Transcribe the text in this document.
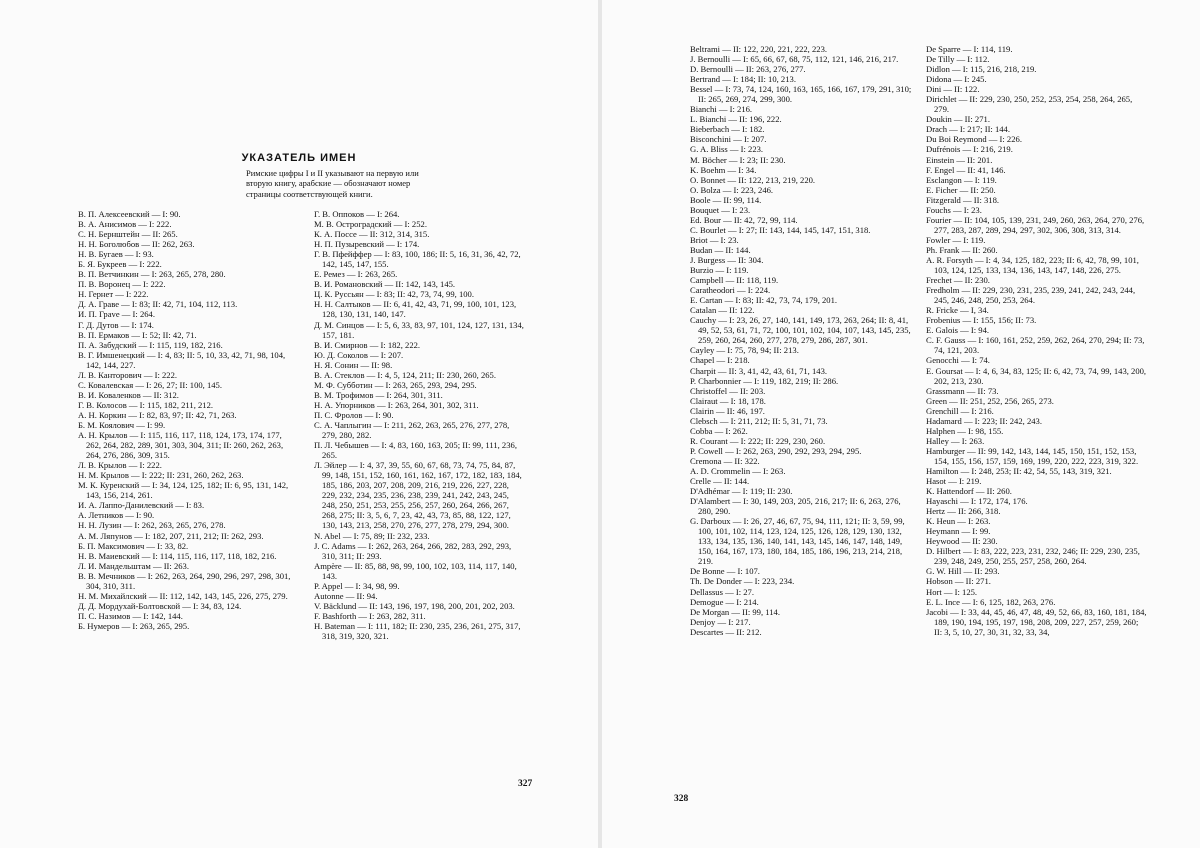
УКАЗАТЕЛЬ ИМЕН
Римские цифры I и II указывают на первую или вторую книгу, арабские — обозначают номер страницы соответствующей книги.
В. П. Алексеевский — I: 90.
В. А. Анисимов — I: 222.
С. Н. Бернштейн — II: 265.
Н. Н. Боголюбов — II: 262, 263.
Н. В. Бугаев — I: 93.
Б. Я. Букреев — I: 222.
В. П. Ветчинкин — I: 263, 265, 278, 280.
П. В. Воронец — I: 222.
Н. Гернет — I: 222.
Д. А. Граве — I: 83; II: 42, 71, 104, 112, 113.
И. П. Грave — I: 264.
Г. Д. Дутов — I: 174.
В. П. Ермаков — I: 52; II: 42, 71.
П. А. Забудский — I: 115, 119, 182, 216.
В. Г. Имшенецкий — I: 4, 83; II: 5, 10, 33, 42, 71, 98, 104, 142, 144, 227.
Л. В. Канторович — I: 222.
С. Ковалевская — I: 26, 27; II: 100, 145.
В. И. Коваленков — II: 312.
Г. В. Колосов — I: 115, 182, 211, 212.
А. Н. Коркин — I: 82, 83, 97; II: 42, 71, 263.
Б. М. Коялович — I: 99.
А. Н. Крылов — I: 115, 116, 117, 118, 124, 173, 174, 177, 262, 264, 282, 289, 301, 303, 304, 311; II: 260, 262, 263, 264, 276, 286, 309, 315.
Л. В. Крылов — I: 222.
Н. М. Крылов — I: 222; II: 231, 260, 262, 263.
М. К. Куренский — I: 34, 124, 125, 182; II: 6, 95, 131, 142, 143, 156, 214, 261.
И. А. Лаппо-Данилевский — I: 83.
А. Летников — I: 90.
Н. Н. Лузин — I: 262, 263, 265, 276, 278.
А. М. Ляпунов — I: 182, 207, 211, 212; II: 262, 293.
Б. П. Максимович — I: 33, 82.
Н. В. Маиевский — I: 114, 115, 116, 117, 118, 182, 216.
Л. И. Мандельштам — II: 263.
В. В. Мечников — I: 262, 263, 264, 290, 296, 297, 298, 301, 304, 310, 311.
Н. М. Михайлский — II: 112, 142, 143, 145, 226, 275, 279.
Д. Д. Мордухай-Болтовской — I: 34, 83, 124.
П. С. Назимов — I: 142, 144.
Б. Нумеров — I: 263, 265, 295.
Г. В. Оппоков — I: 264.
М. В. Остроградский — I: 252.
К. А. Поссе — II: 312, 314, 315.
Н. П. Пузыревский — I: 174.
Г. В. Пфейффер — I: 83, 100, 186; II: 5, 16, 31, 36, 42, 72, 142, 145, 147, 155.
Е. Ремез — I: 263, 265.
В. И. Романовский — II: 142, 143, 145.
Ц. К. Руссьян — I: 83; II: 42, 73, 74, 99, 100.
Н. Н. Салтыков — II: 6, 41, 42, 43, 71, 99, 100, 101, 123, 128, 130, 131, 140, 147.
Д. М. Синцов — I: 5, 6, 33, 83, 97, 101, 124, 127, 131, 134, 157, 181.
В. И. Смирнов — I: 182, 222.
Ю. Д. Соколов — I: 207.
Н. Я. Сонин — II: 98.
В. А. Стеклов — I: 4, 5, 124, 211; II: 230, 260, 265.
М. Ф. Субботин — I: 263, 265, 293, 294, 295.
В. М. Трофимов — I: 264, 301, 311.
Н. А. Упорников — I: 263, 264, 301, 302, 311.
П. С. Фролов — I: 90.
С. А. Чаплыгин — I: 211, 262, 263, 265, 276, 277, 278, 279, 280, 282.
П. Л. Чебышев — I: 4, 83, 160, 163, 205; II: 99, 111, 236, 265.
Л. Эйлер — I: 4, 37, 39, 55, 60, 67, 68, 73, 74, 75, 84, 87, 99, 148, 151, 152, 160, 161, 162, 167, 172, 182, 183, 184, 185, 186, 203, 207, 208, 209, 216, 219, 226, 227, 228, 229, 232, 234, 235, 236, 238, 239, 241, 242, 243, 245, 248, 250, 251, 253, 255, 256, 257, 260, 264, 266, 267, 268, 275; II: 3, 5, 6, 7, 23, 42, 43, 73, 85, 88, 122, 127, 130, 143, 213, 258, 270, 276, 277, 278, 279, 294, 300.
N. Abel — I: 75, 89; II: 232, 233.
J. C. Adams — I: 262, 263, 264, 266, 282, 283, 292, 293, 310, 311; II: 293.
Ampère — II: 85, 88, 98, 99, 100, 102, 103, 114, 117, 140, 143.
P. Appel — I: 34, 98, 99.
Autonne — II: 94.
V. Bäcklund — II: 143, 196, 197, 198, 200, 201, 202, 203.
F. Bashforth — I: 263, 282, 311.
H. Bateman — I: 111, 182; II: 230, 235, 236, 261, 275, 317, 318, 319, 320, 321.
327
Beltrami — II: 122, 220, 221, 222, 223.
J. Bernoulli — I: 65, 66, 67, 68, 75, 112, 121, 146, 216, 217.
D. Bernoulli — II: 263, 276, 277.
Bertrand — I: 184; II: 10, 213.
Bessel — I: 73, 74, 124, 160, 163, 165, 166, 167, 179, 291, 310; II: 265, 269, 274, 299, 300.
Bianchi — I: 216.
L. Bianchi — II: 196, 222.
Bieberbach — I: 182.
Bisconchini — I: 207.
G. A. Bliss — I: 223.
M. Böcher — I: 23; II: 230.
K. Boehm — I: 34.
O. Bonnet — II: 122, 213, 219, 220.
O. Bolza — I: 223, 246.
Boole — II: 99, 114.
Bouquet — I: 23.
Ed. Bour — II: 42, 72, 99, 114.
C. Bourlet — I: 27; II: 143, 144, 145, 147, 151, 318.
Briot — I: 23.
Budan — II: 144.
J. Burgess — II: 304.
Burzio — I: 119.
Campbell — II: 118, 119.
Caratheodori — I: 224.
E. Cartan — I: 83; II: 42, 73, 74, 179, 201.
Catalan — II: 122.
Cauchy — I: 23, 26, 27, 140, 141, 149, 173, 263, 264; II: 8, 41, 49, 52, 53, 61, 71, 72, 100, 101, 102, 104, 107, 143, 145, 235, 259, 260, 264, 260, 277, 278, 279, 286, 287, 301.
Cayley — I: 75, 78, 94; II: 213.
Chapel — I: 218.
Charpit — II: 3, 41, 42, 43, 61, 71, 143.
P. Charbonnier — I: 119, 182, 219; II: 286.
Christoffel — II: 203.
Clairaut — I: 18, 178.
Clairin — II: 46, 197.
Clebsch — I: 211, 212; II: 5, 31, 71, 73.
Cobba — I: 262.
R. Courant — I: 222; II: 229, 230, 260.
P. Cowell — I: 262, 263, 290, 292, 293, 294, 295.
Cremona — II: 322.
A. D. Crommelin — I: 263.
Crelle — II: 144.
D'Adhémar — I: 119; II: 230.
D'Alambert — I: 30, 149, 203, 205, 216, 217; II: 6, 263, 276, 280, 290.
G. Darboux — I: 26, 27, 46, 67, 75, 94, 111, 121; II: 3, 59, 99, 100, 101, 102, 114, 123, 124, 125, 126, 128, 129, 130, 132, 133, 134, 135, 136, 140, 141, 143, 145, 146, 147, 148, 149, 150, 164, 167, 173, 180, 184, 185, 186, 196, 213, 214, 218, 219.
De Bonne — I: 107.
Th. De Donder — I: 223, 234.
Dellassus — I: 27.
Demogue — I: 214.
De Morgan — II: 99, 114.
Denjoy — I: 217.
Descartes — II: 212.
De Sparre — I: 114, 119.
De Tilly — I: 112.
Didlon — I: 115, 216, 218, 219.
Didona — I: 245.
Dini — II: 122.
Dirichlet — II: 229, 230, 250, 252, 253, 254, 258, 264, 265, 279.
Doukin — II: 271.
Drach — I: 217; II: 144.
Du Boi Reymond — I: 226.
Dufrénois — I: 216, 219.
Einstein — II: 201.
F. Engel — II: 41, 146.
Esclangon — I: 119.
E. Ficher — II: 250.
Fitzgerald — II: 318.
Fouchs — I: 23.
Fourier — II: 104, 105, 139, 231, 249, 260, 263, 264, 270, 276, 277, 283, 287, 289, 294, 297, 302, 306, 308, 313, 314.
Fowler — I: 119.
Ph. Frank — II: 260.
A. R. Forsyth — I: 4, 34, 125, 182, 223; II: 6, 42, 78, 99, 101, 103, 124, 125, 133, 134, 136, 143, 147, 148, 226, 275.
Frechet — II: 230.
Fredholm — II: 229, 230, 231, 235, 239, 241, 242, 243, 244, 245, 246, 248, 250, 253, 264.
R. Fricke — I, 34.
Frobenius — I: 155, 156; II: 73.
E. Galois — I: 94.
C. F. Gauss — I: 160, 161, 252, 259, 262, 264, 270, 294; II: 73, 74, 121, 203.
Genocchi — I: 74.
E. Goursat — I: 4, 6, 34, 83, 125; II: 6, 42, 73, 74, 99, 143, 200, 202, 213, 230.
Grassmann — II: 73.
Green — II: 251, 252, 256, 265, 273.
Grenchill — I: 216.
Hadamard — I: 223; II: 242, 243.
Halphen — I: 98, 155.
Halley — I: 263.
Hamburger — II: 99, 142, 143, 144, 145, 150, 151, 152, 153, 154, 155, 156, 157, 159, 169, 199, 220, 222, 223, 319, 322.
Hamilton — I: 248, 253; II: 42, 54, 55, 143, 319, 321.
Hasot — I: 219.
K. Hattendorf — II: 260.
Hayaschi — I: 172, 174, 176.
Hertz — II: 266, 318.
K. Heun — I: 263.
Heymann — I: 99.
Heywood — II: 230.
D. Hilbert — I: 83, 222, 223, 231, 232, 246; II: 229, 230, 235, 239, 248, 249, 250, 255, 257, 258, 260, 264.
G. W. Hill — II: 293.
Hobson — II: 271.
Hort — I: 125.
E. L. Ince — I: 6, 125, 182, 263, 276.
Jacobi — I: 33, 44, 45, 46, 47, 48, 49, 52, 66, 83, 160, 181, 184, 189, 190, 194, 195, 197, 198, 208, 209, 227, 257, 259, 260; II: 3, 5, 10, 27, 30, 31, 32, 33, 34,
328
